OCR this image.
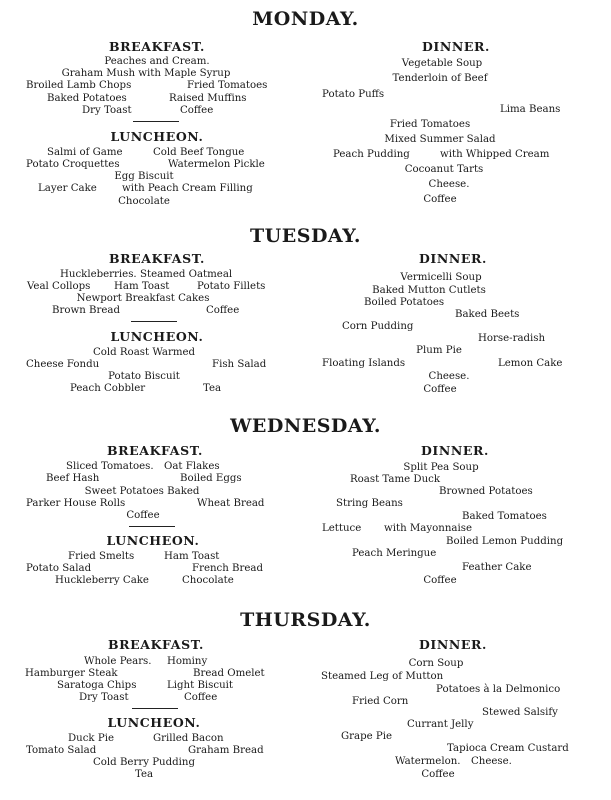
MONDAY.
BREAKFAST.
Peaches and Cream.
Graham Mush with Maple Syrup
Broiled Lamb Chops	Fried Tomatoes
Baked Potatoes	Raised Muffins
Dry Toast	Coffee
LUNCHEON.
Salmi of Game	Cold Beef Tongue
Potato Croquettes	Watermelon Pickle
Egg Biscuit
Layer Cake with Peach Cream Filling
Chocolate
DINNER.
Vegetable Soup
Tenderloin of Beef
Potato Puffs
Lima Beans
Fried Tomatoes
Mixed Summer Salad
Peach Pudding	with Whipped Cream
Cocoanut Tarts
Cheese.
Coffee
TUESDAY.
BREAKFAST.
Huckleberries. Steamed Oatmeal
Veal Collops Ham Toast	Potato Fillets
Newport Breakfast Cakes
Brown Bread	Coffee
LUNCHEON.
Cold Roast Warmed
Cheese Fondu	Fish Salad
Potato Biscuit
Peach Cobbler	Tea
DINNER.
Vermicelli Soup
Baked Mutton Cutlets
Boiled Potatoes
Baked Beets
Corn Pudding
Horse-radish
Plum Pie
Floating Islands	Lemon Cake
Cheese.
Coffee
WEDNESDAY.
BREAKFAST.
Sliced Tomatoes. Oat Flakes
Beef Hash	Boiled Eggs
Sweet Potatoes Baked
Parker House Rolls	Wheat Bread
Coffee
LUNCHEON.
Fried Smelts	Ham Toast
Potato Salad	French Bread
Huckleberry Cake	Chocolate
DINNER.
Split Pea Soup
Roast Tame Duck
Browned Potatoes
String Beans
Baked Tomatoes
Lettuce with Mayonnaise
Boiled Lemon Pudding
Peach Meringue
Feather Cake
Coffee
THURSDAY.
BREAKFAST.
Whole Pears. Hominy
Hamburger Steak	Bread Omelet
Saratoga Chips	Light Biscuit
Dry Toast	Coffee
LUNCHEON.
Duck Pie	Grilled Bacon
Tomato Salad	Graham Bread
Cold Berry Pudding
Tea
DINNER.
Corn Soup
Steamed Leg of Mutton
Potatoes à la Delmonico
Fried Corn
Stewed Salsify
Currant Jelly
Grape Pie
Tapioca Cream Custard
Watermelon. Cheese.
Coffee
